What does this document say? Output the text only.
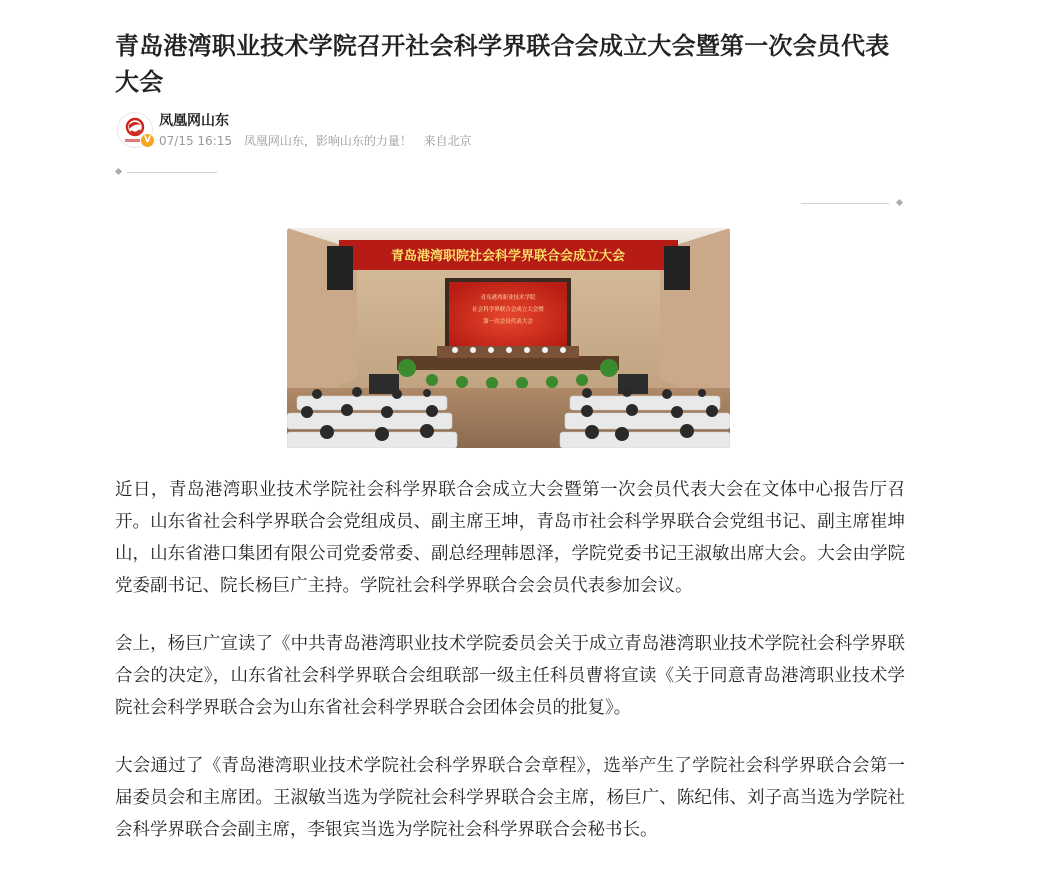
青岛港湾职业技术学院召开社会科学界联合会成立大会暨第一次会员代表大会
V
凤凰网山东
07/15 16:15 凤凰网山东，影响山东的力量！ 来自北京
青岛港湾职院社会科学界联合会成立大会
青岛港湾职业技术学院
社会科学界联合会成立大会暨
第一次会员代表大会

近日，青岛港湾职业技术学院社会科学界联合会成立大会暨第一次会员代表大会在文体中心报告厅召开。山东省社会科学界联合会党组成员、副主席王坤，青岛市社会科学界联合会党组书记、副主席崔坤山，山东省港口集团有限公司党委常委、副总经理韩恩泽，学院党委书记王淑敏出席大会。大会由学院党委副书记、院长杨巨广主持。学院社会科学界联合会会员代表参加会议。

会上，杨巨广宣读了《中共青岛港湾职业技术学院委员会关于成立青岛港湾职业技术学院社会科学界联合会的决定》，山东省社会科学界联合会组联部一级主任科员曹将宣读《关于同意青岛港湾职业技术学院社会科学界联合会为山东省社会科学界联合会团体会员的批复》。

大会通过了《青岛港湾职业技术学院社会科学界联合会章程》，选举产生了学院社会科学界联合会第一届委员会和主席团。王淑敏当选为学院社会科学界联合会主席，杨巨广、陈纪伟、刘子高当选为学院社会科学界联合会副主席，李银宾当选为学院社会科学界联合会秘书长。
